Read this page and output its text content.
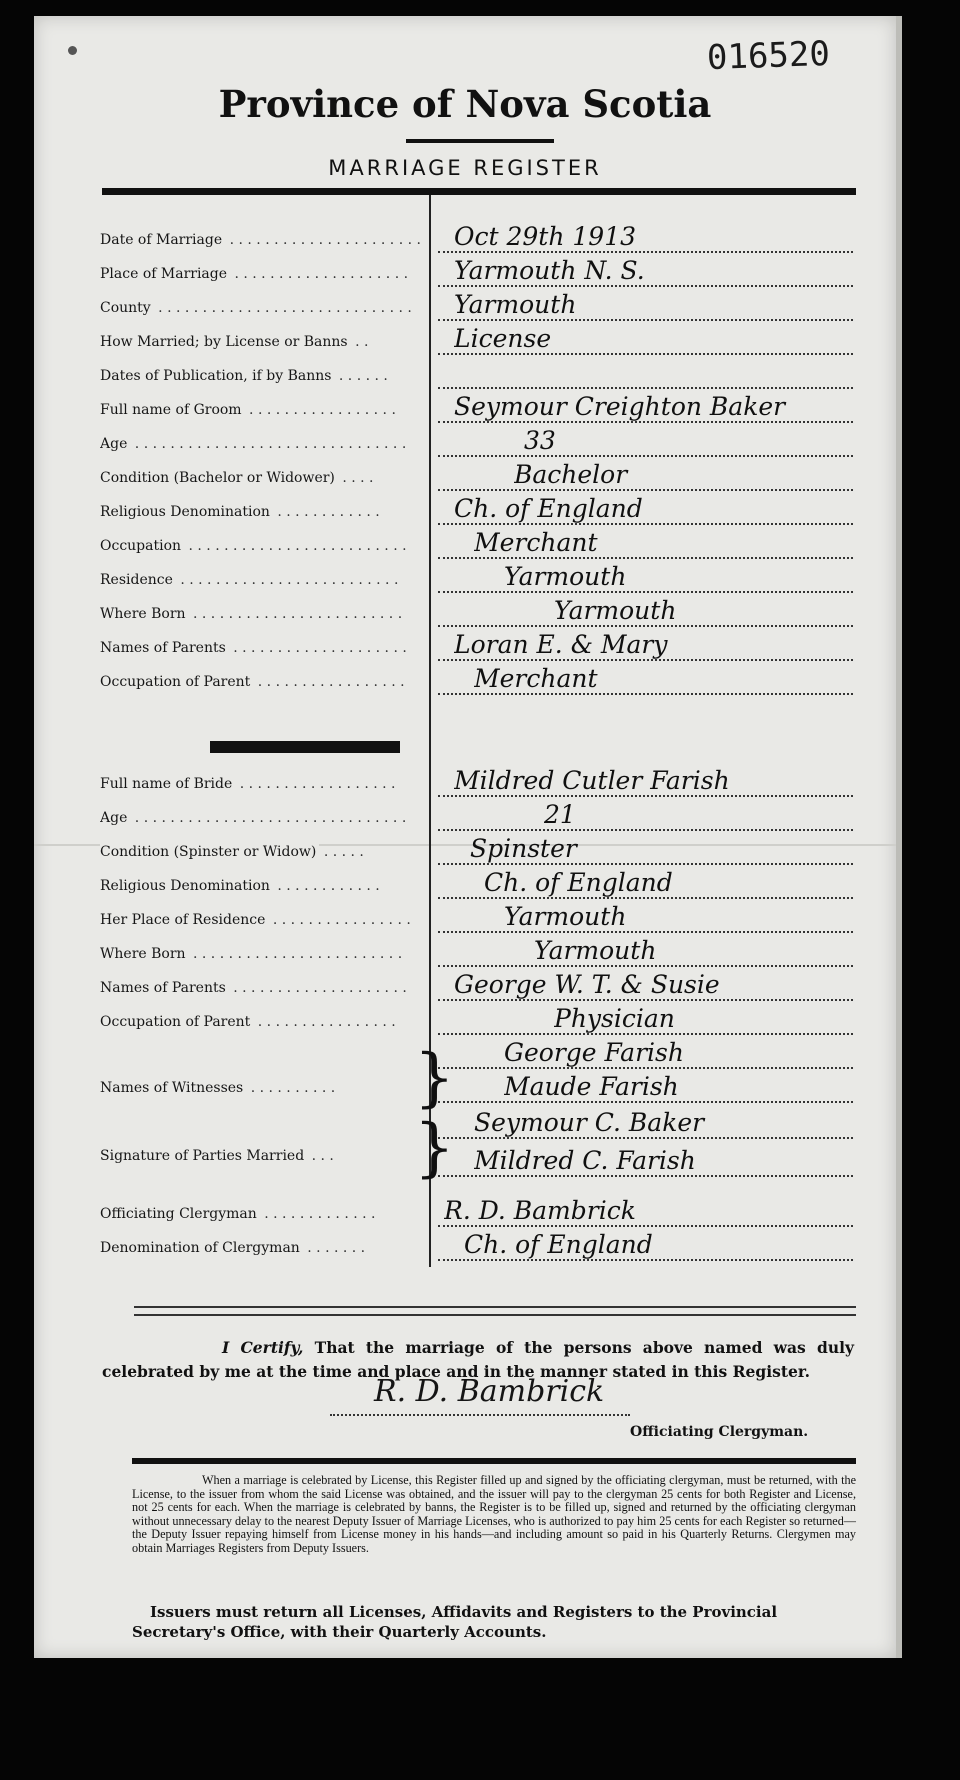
016520
Province of Nova Scotia
MARRIAGE REGISTER
Date of Marriage . . . . . . . . . . . . . . . . . . . . . . . . . Oct 29th 1913
Place of Marriage . . . . . . . . . . . . . . . . . . . . . . .	Yarmouth N. S.
County . . . . . . . . . . . . . . . . . . . . . . . . . . . . . . . .	Yarmouth
How Married; by License or Banns . . . . .	License
Dates of Publication, if by Banns . . . . . . . . .
Full name of Groom . . . . . . . . . . . . . . . . . . . .	Seymour Creighton Baker
Age . . . . . . . . . . . . . . . . . . . . . . . . . . . . . . . . . .	33
Condition (Bachelor or Widower) . . . . . . .	Bachelor
Religious Denomination . . . . . . . . . . . . . . .	Ch. of England
Occupation . . . . . . . . . . . . . . . . . . . . . . . . . . . .	Merchant
Residence . . . . . . . . . . . . . . . . . . . . . . . . . . . .	Yarmouth
Where Born . . . . . . . . . . . . . . . . . . . . . . . . . . .	Yarmouth
Names of Parents . . . . . . . . . . . . . . . . . . . . . . .	Loran E. & Mary
Occupation of Parent . . . . . . . . . . . . . . . . . . . .	Merchant
Full name of Bride . . . . . . . . . . . . . . . . . . . . .	Mildred Cutler Farish
Age . . . . . . . . . . . . . . . . . . . . . . . . . . . . . . . . . .	21
Condition (Spinster or Widow) . . . . . . . .	Spinster
Religious Denomination . . . . . . . . . . . . . . .	Ch. of England
Her Place of Residence . . . . . . . . . . . . . . . . . . .	Yarmouth
Where Born . . . . . . . . . . . . . . . . . . . . . . . . . . .	Yarmouth
Names of Parents . . . . . . . . . . . . . . . . . . . . . . .	George W. T. & Susie
Occupation of Parent . . . . . . . . . . . . . . . . . . .	Physician
Names of Witnesses . . . . . . . . . . . . .	} George Farish
Maude Farish
Signature of Parties Married . . . . . .	} Seymour C. Baker
Mildred C. Farish
Officiating Clergyman . . . . . . . . . . . . . . . .	R. D. Bambrick
Denomination of Clergyman . . . . . . . . . .	Ch. of England
I Certify, That the marriage of the persons above named was duly celebrated by me at the time and place and in the manner stated in this Register.
R. D. Bambrick
Officiating Clergyman.
When a marriage is celebrated by License, this Register filled up and signed by the officiating clergyman, must be returned, with the License, to the issuer from whom the said License was obtained, and the issuer will pay to the clergyman 25 cents for both Register and License, not 25 cents for each. When the marriage is celebrated by banns, the Register is to be filled up, signed and returned by the officiating clergyman without unnecessary delay to the nearest Deputy Issuer of Marriage Licenses, who is authorized to pay him 25 cents for each Register so returned—the Deputy Issuer repaying himself from License money in his hands—and including amount so paid in his Quarterly Returns. Clergymen may obtain Marriages Registers from Deputy Issuers.
Issuers must return all Licenses, Affidavits and Registers to the Provincial Secretary's Office, with their Quarterly Accounts.
